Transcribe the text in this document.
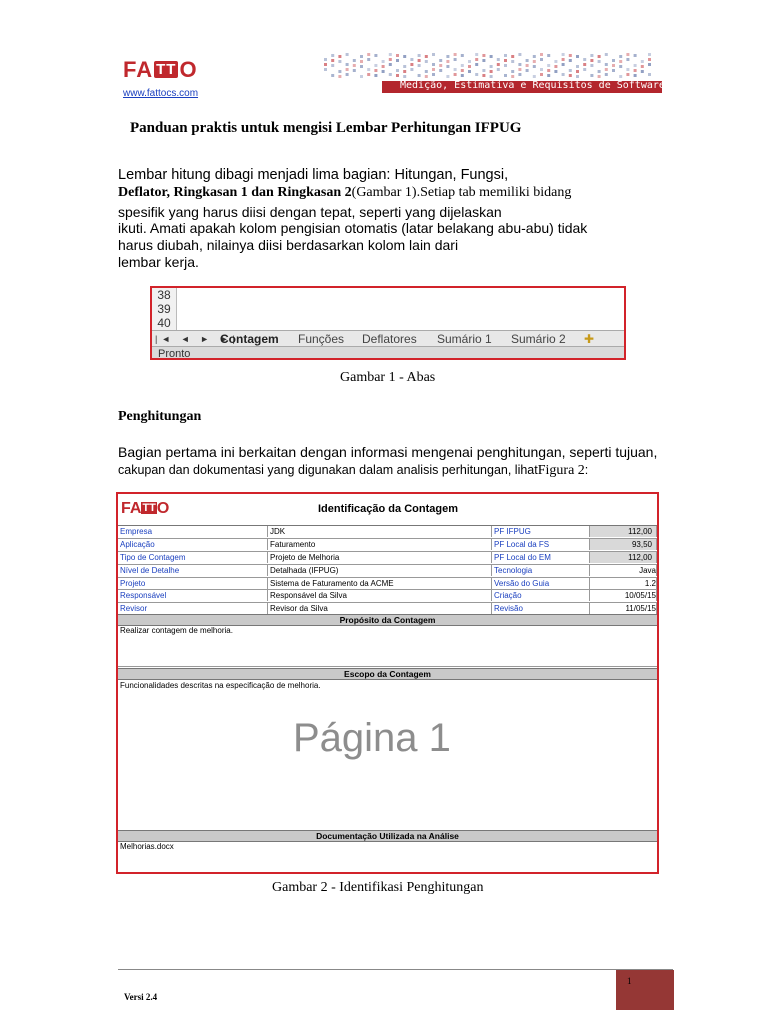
FA TT O
www.fattocs.com
Medição, Estimativa e Requisitos de Software
Panduan praktis untuk mengisi Lembar Perhitungan IFPUG
Lembar hitung dibagi menjadi lima bagian: Hitungan, Fungsi,
Deflator, Ringkasan 1 dan Ringkasan 2(Gambar 1).Setiap tab memiliki bidang
spesifik yang harus diisi dengan tepat, seperti yang dijelaskan
ikuti. Amati apakah kolom pengisian otomatis (latar belakang abu-abu) tidak
harus diubah, nilainya diisi berdasarkan kolom lain dari
lembar kerja.
38
39
40
|◄ ◄ ► ►|
Contagem Funções Deflatores Sumário 1 Sumário 2 ✚
Pronto
Gambar 1 - Abas
Penghitungan
Bagian pertama ini berkaitan dengan informasi mengenai penghitungan, seperti tujuan,
cakupan dan dokumentasi yang digunakan dalam analisis perhitungan, lihatFigura 2:
FATTO	Identificação da Contagem
Empresa	JDK	PF IFPUG	112,00
Aplicação	Faturamento	PF Local da FS	93,50
Tipo de Contagem	Projeto de Melhoria	PF Local do EM	112,00
Nível de Detalhe	Detalhada (IFPUG)	Tecnologia	Java
Projeto	Sistema de Faturamento da ACME	Versão do Guia	1.2
Responsável	Responsável da Silva	Criação	10/05/15
Revisor	Revisor da Silva	Revisão	11/05/15
Propósito da Contagem
Realizar contagem de melhoria.
Escopo da Contagem
Funcionalidades descritas na especificação de melhoria.
Página 1
Documentação Utilizada na Análise
Melhorias.docx
Gambar 2 - Identifikasi Penghitungan
1
Versi 2.4
